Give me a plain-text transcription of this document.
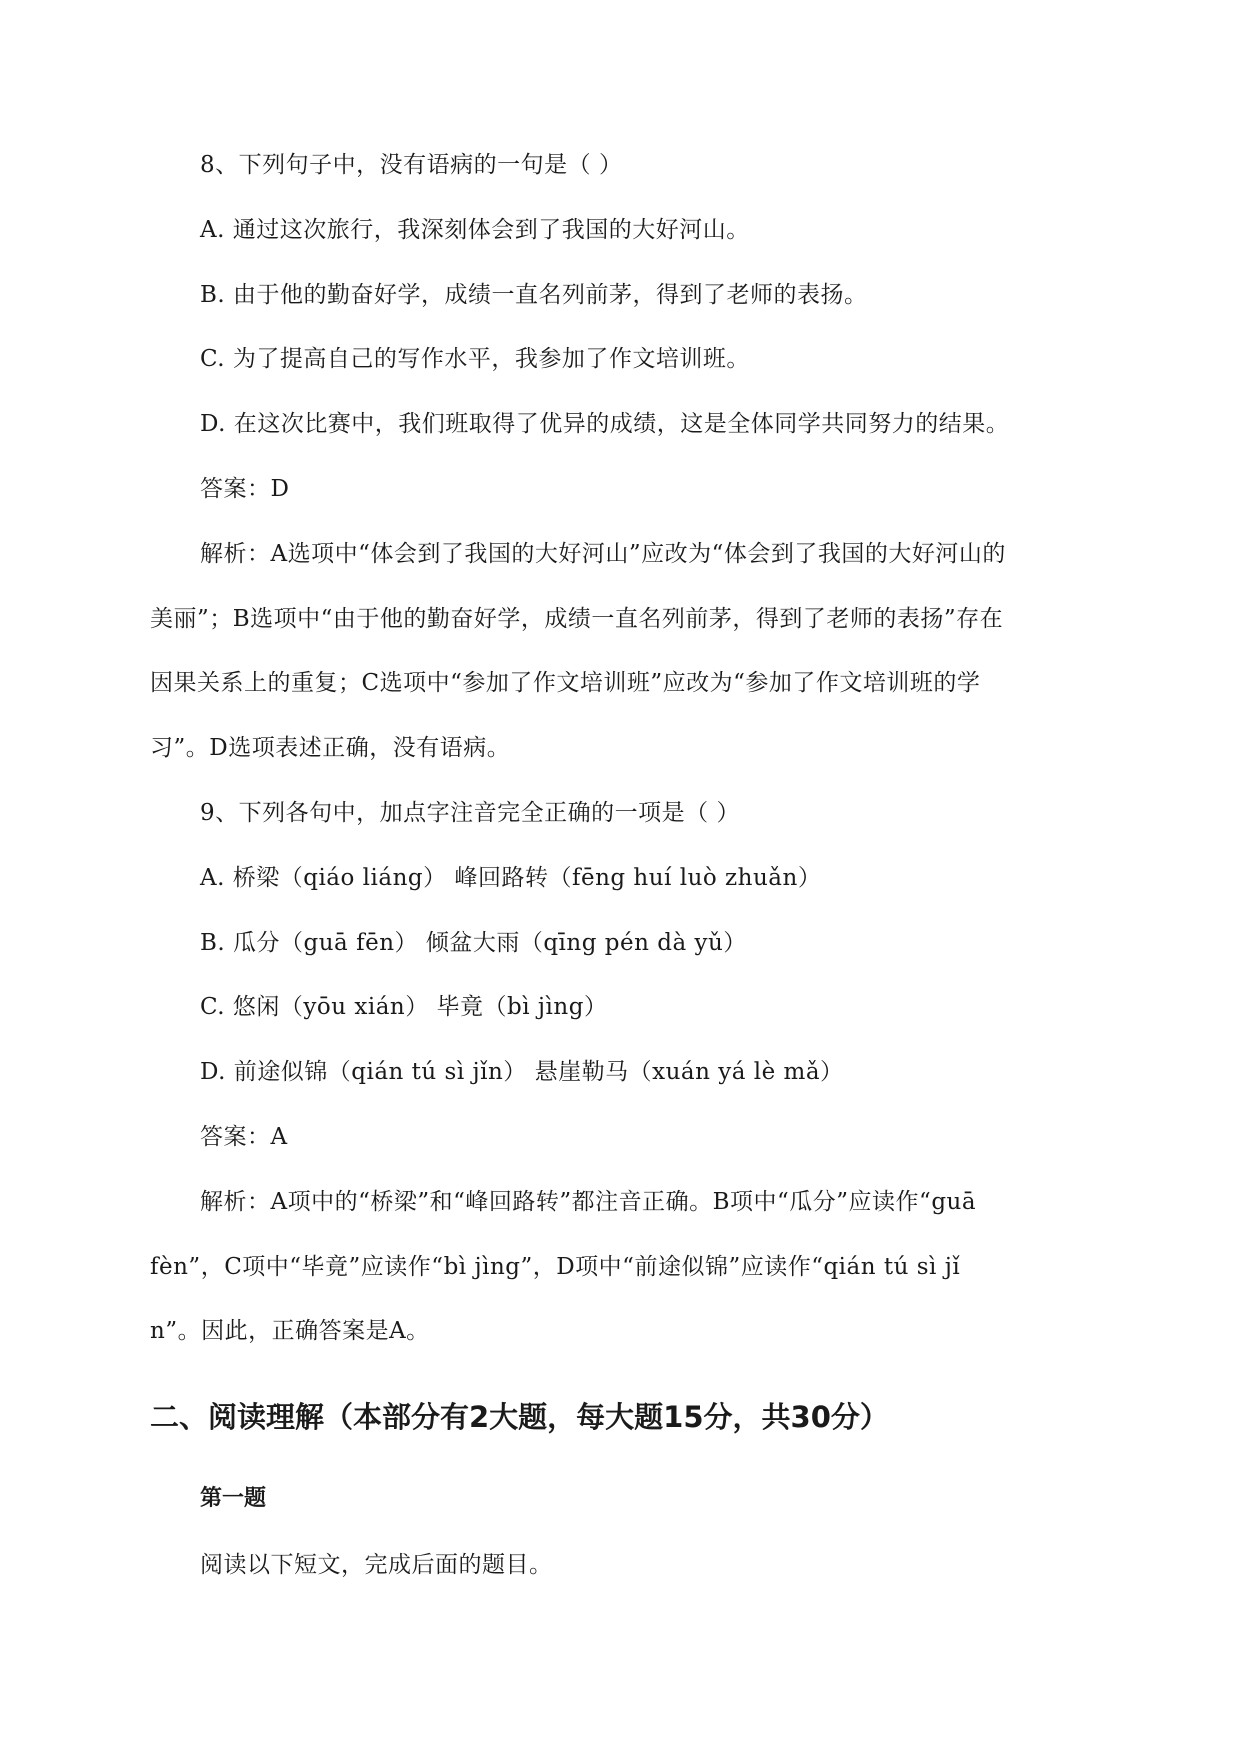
8、下列句子中，没有语病的一句是（ ）
A. 通过这次旅行，我深刻体会到了我国的大好河山。
B. 由于他的勤奋好学，成绩一直名列前茅，得到了老师的表扬。
C. 为了提高自己的写作水平，我参加了作文培训班。
D. 在这次比赛中，我们班取得了优异的成绩，这是全体同学共同努力的结果。
答案：D
解析：A选项中“体会到了我国的大好河山”应改为“体会到了我国的大好河山的
美丽”；B选项中“由于他的勤奋好学，成绩一直名列前茅，得到了老师的表扬”存在
因果关系上的重复；C选项中“参加了作文培训班”应改为“参加了作文培训班的学
习”。D选项表述正确，没有语病。
9、下列各句中，加点字注音完全正确的一项是（ ）
A. 桥梁（qiáo liáng） 峰回路转（fēng huí luò zhuǎn）
B. 瓜分（guā fēn） 倾盆大雨（qīng pén dà yǔ）
C. 悠闲（yōu xián） 毕竟（bì jìng）
D. 前途似锦（qián tú sì jǐn） 悬崖勒马（xuán yá lè mǎ）
答案：A
解析：A项中的“桥梁”和“峰回路转”都注音正确。B项中“瓜分”应读作“guā
fèn”，C项中“毕竟”应读作“bì jìng”，D项中“前途似锦”应读作“qián tú sì jǐ
n”。因此，正确答案是A。
二、阅读理解（本部分有2大题，每大题15分，共30分）
第一题
阅读以下短文，完成后面的题目。
